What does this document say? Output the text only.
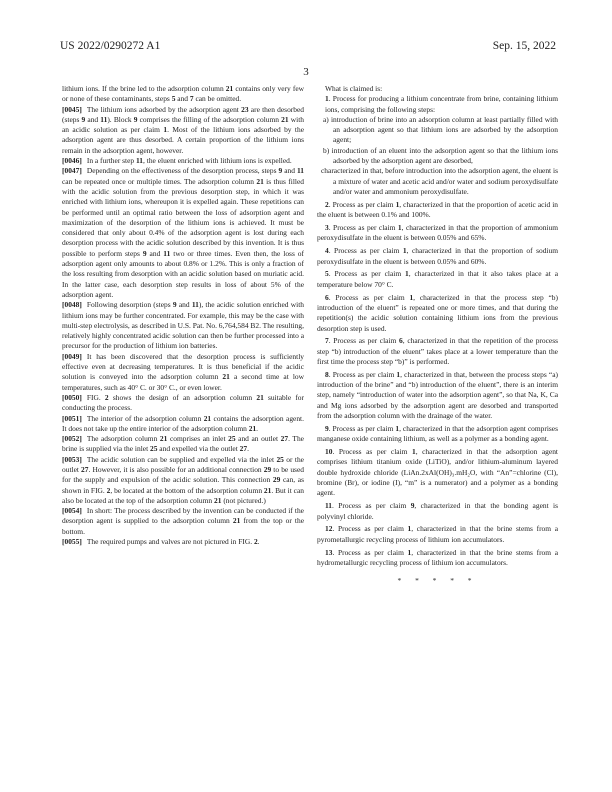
US 2022/0290272 A1	Sep. 15, 2022
3

lithium ions. If the brine led to the adsorption column 21 contains only very few or none of these contaminants, steps 5 and 7 can be omitted.

[0045] The lithium ions adsorbed by the adsorption agent 23 are then desorbed (steps 9 and 11). Block 9 comprises the filling of the adsorption column 21 with an acidic solution as per claim 1. Most of the lithium ions adsorbed by the adsorption agent are thus desorbed. A certain proportion of the lithium ions remain in the adsorption agent, however.

[0046] In a further step 11, the eluent enriched with lithium ions is expelled.

[0047] Depending on the effectiveness of the desorption process, steps 9 and 11 can be repeated once or multiple times. The adsorption column 21 is thus filled with the acidic solution from the previous desorption step, in which it was enriched with lithium ions, whereupon it is expelled again. These repetitions can be performed until an optimal ratio between the loss of adsorption agent and maximization of the desorption of the lithium ions is achieved. It must be considered that only about 0.4% of the adsorption agent is lost during each desorption process with the acidic solution described by this invention. It is thus possible to perform steps 9 and 11 two or three times. Even then, the loss of adsorption agent only amounts to about 0.8% or 1.2%. This is only a fraction of the loss resulting from desorption with an acidic solution based on muriatic acid. In the latter case, each desorption step results in loss of about 5% of the adsorption agent.

[0048] Following desorption (steps 9 and 11), the acidic solution enriched with lithium ions may be further concentrated. For example, this may be the case with multi-step electrolysis, as described in U.S. Pat. No. 6,764,584 B2. The resulting, relatively highly concentrated acidic solution can then be further processed into a precursor for the production of lithium ion batteries.

[0049] It has been discovered that the desorption process is sufficiently effective even at decreasing temperatures. It is thus beneficial if the acidic solution is conveyed into the adsorption column 21 a second time at low temperatures, such as 40° C. or 30° C., or even lower.

[0050] FIG. 2 shows the design of an adsorption column 21 suitable for conducting the process.

[0051] The interior of the adsorption column 21 contains the adsorption agent. It does not take up the entire interior of the adsorption column 21.

[0052] The adsorption column 21 comprises an inlet 25 and an outlet 27. The brine is supplied via the inlet 25 and expelled via the outlet 27.

[0053] The acidic solution can be supplied and expelled via the inlet 25 or the outlet 27. However, it is also possible for an additional connection 29 to be used for the supply and expulsion of the acidic solution. This connection 29 can, as shown in FIG. 2, be located at the bottom of the adsorption column 21. But it can also be located at the top of the adsorption column 21 (not pictured.)

[0054] In short: The process described by the invention can be conducted if the desorption agent is supplied to the adsorption column 21 from the top or the bottom.

[0055] The required pumps and valves are not pictured in FIG. 2.

What is claimed is:

1. Process for producing a lithium concentrate from brine, containing lithium ions, comprising the following steps:

a) introduction of brine into an adsorption column at least partially filled with an adsorption agent so that lithium ions are adsorbed by the adsorption agent;

b) introduction of an eluent into the adsorption agent so that the lithium ions adsorbed by the adsorption agent are desorbed,

characterized in that, before introduction into the adsorption agent, the eluent is a mixture of water and acetic acid and/or water and sodium peroxydisulfate and/or water and ammonium peroxydisulfate.

2. Process as per claim 1, characterized in that the proportion of acetic acid in the eluent is between 0.1% and 100%.

3. Process as per claim 1, characterized in that the proportion of ammonium peroxydisulfate in the eluent is between 0.05% and 65%.

4. Process as per claim 1, characterized in that the proportion of sodium peroxydisulfate in the eluent is between 0.05% and 60%.

5. Process as per claim 1, characterized in that it also takes place at a temperature below 70° C.

6. Process as per claim 1, characterized in that the process step “b) introduction of the eluent” is repeated one or more times, and that during the repetition(s) the acidic solution containing lithium ions from the previous desorption step is used.

7. Process as per claim 6, characterized in that the repetition of the process step “b) introduction of the eluent” takes place at a lower temperature than the first time the process step “b)” is performed.

8. Process as per claim 1, characterized in that, between the process steps “a) introduction of the brine” and “b) introduction of the eluent”, there is an interim step, namely “introduction of water into the adsorption agent”, so that Na, K, Ca and Mg ions adsorbed by the adsorption agent are desorbed and transported from the adsorption column with the drainage of the water.

9. Process as per claim 1, characterized in that the adsorption agent comprises manganese oxide containing lithium, as well as a polymer as a bonding agent.

10. Process as per claim 1, characterized in that the adsorption agent comprises lithium titanium oxide (LiTiO), and/or lithium-aluminum layered double hydroxide chloride (LiAn.2xAl(OH)₃.mH₂O, with “An”=chlorine (Cl), bromine (Br), or iodine (I), “m” is a numerator) and a polymer as a bonding agent.

11. Process as per claim 9, characterized in that the bonding agent is polyvinyl chloride.

12. Process as per claim 1, characterized in that the brine stems from a pyrometallurgic recycling process of lithium ion accumulators.

13. Process as per claim 1, characterized in that the brine stems from a hydrometallurgic recycling process of lithium ion accumulators.

* * * * *
